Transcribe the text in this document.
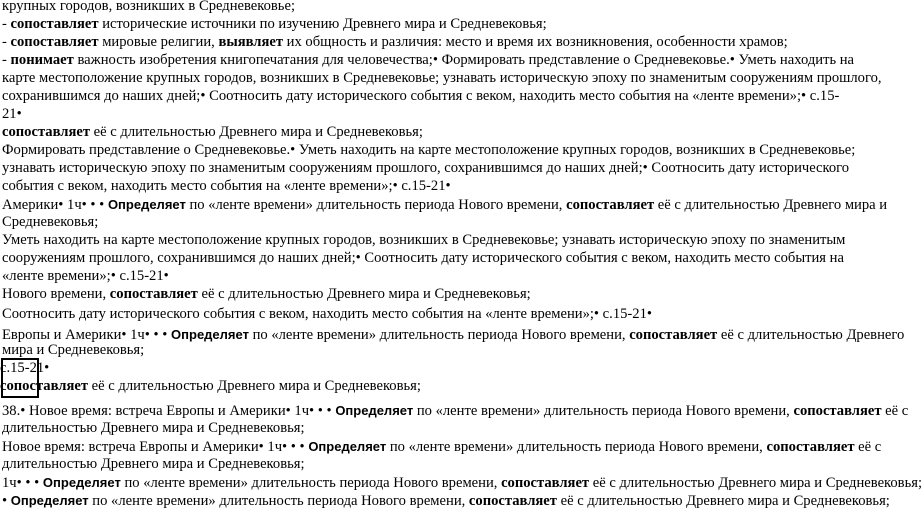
крупных городов, возникших в Средневековье;
- сопоставляет исторические источники по изучению Древнего мира и Средневековья;
- сопоставляет мировые религии, выявляет их общность и различия: место и время их возникновения, особенности храмов;
- понимает важность изобретения книгопечатания для человечества;• Формировать представление о Средневековье.• Уметь находить на
карте местоположение крупных городов, возникших в Средневековье; узнавать историческую эпоху по знаменитым сооружениям прошлого,
сохранившимся до наших дней;• Соотносить дату исторического события с веком, находить место события на «ленте времени»;• с.15-
21•
сопоставляет её с длительностью Древнего мира и Средневековья;
Формировать представление о Средневековье.• Уметь находить на карте местоположение крупных городов, возникших в Средневековье;
узнавать историческую эпоху по знаменитым сооружениям прошлого, сохранившимся до наших дней;• Соотносить дату исторического
события с веком, находить место события на «ленте времени»;• с.15-21•
Америки• 1ч• • • Определяет по «ленте времени» длительность периода Нового времени, сопоставляет её с длительностью Древнего мира и
Средневековья;
Уметь находить на карте местоположение крупных городов, возникших в Средневековье; узнавать историческую эпоху по знаменитым
сооружениям прошлого, сохранившимся до наших дней;• Соотносить дату исторического события с веком, находить место события на
«ленте времени»;• с.15-21•
Нового времени, сопоставляет её с длительностью Древнего мира и Средневековья;
Соотносить дату исторического события с веком, находить место события на «ленте времени»;• с.15-21•
Европы и Америки• 1ч• • • Определяет по «ленте времени» длительность периода Нового времени, сопоставляет её с длительностью Древнего
мира и Средневековья;
с.15-21•
сопоставляет её с длительностью Древнего мира и Средневековья;
38.• Новое время: встреча Европы и Америки• 1ч• • • Определяет по «ленте времени» длительность периода Нового времени, сопоставляет её с
длительностью Древнего мира и Средневековья;
Новое время: встреча Европы и Америки• 1ч• • • Определяет по «ленте времени» длительность периода Нового времени, сопоставляет её с
длительностью Древнего мира и Средневековья;
1ч• • • Определяет по «ленте времени» длительность периода Нового времени, сопоставляет её с длительностью Древнего мира и Средневековья;
• Определяет по «ленте времени» длительность периода Нового времени, сопоставляет её с длительностью Древнего мира и Средневековья;
